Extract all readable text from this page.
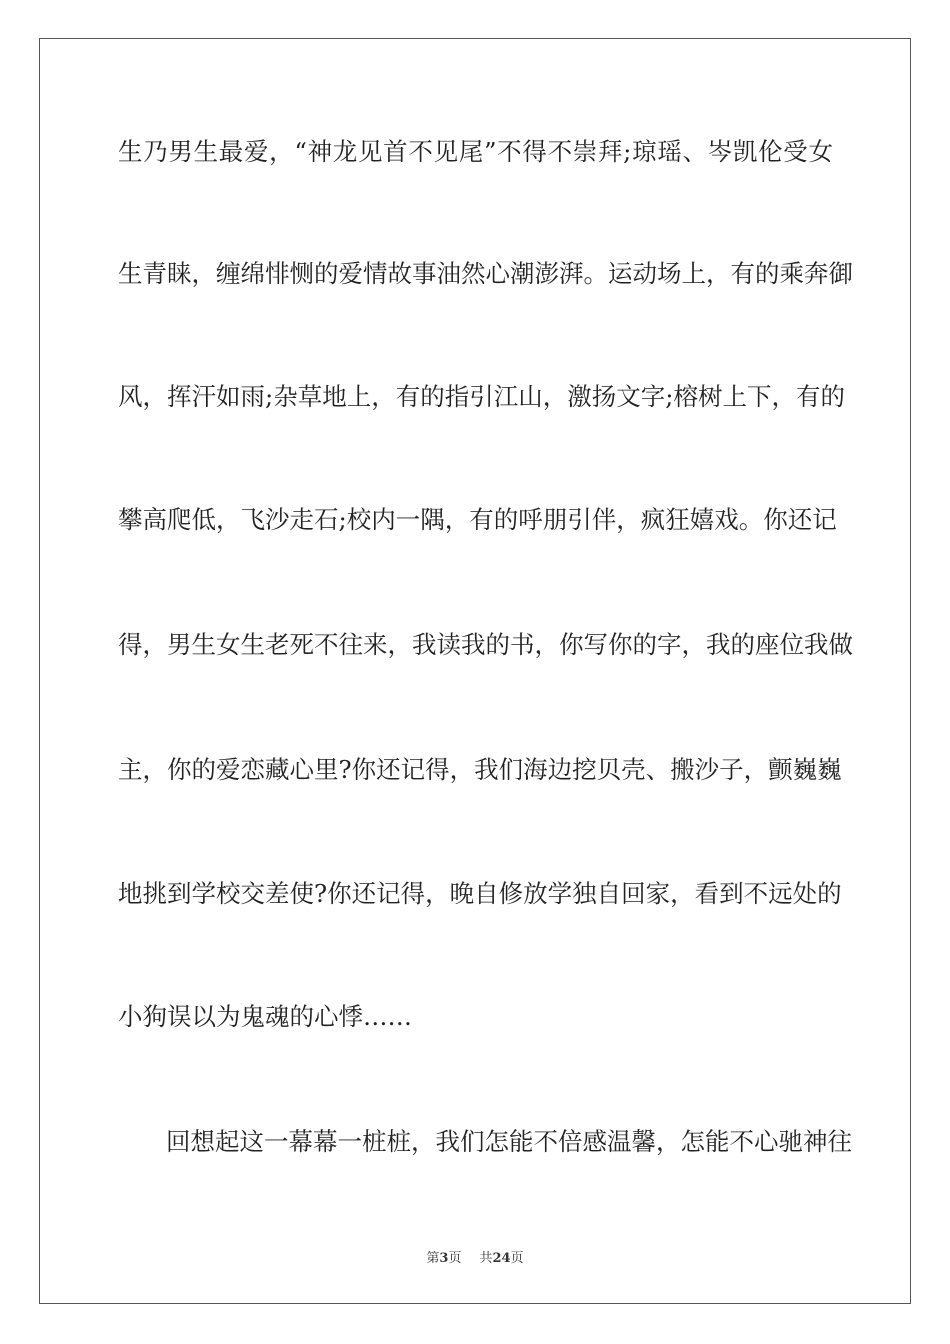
生乃男生最爱，“神龙见首不见尾”不得不崇拜;琼瑶、岑凯伦受女
生青睐，缠绵悱恻的爱情故事油然心潮澎湃。运动场上，有的乘奔御
风，挥汗如雨;杂草地上，有的指引江山，激扬文字;榕树上下，有的
攀高爬低，飞沙走石;校内一隅，有的呼朋引伴，疯狂嬉戏。你还记
得，男生女生老死不往来，我读我的书，你写你的字，我的座位我做
主，你的爱恋藏心里?你还记得，我们海边挖贝壳、搬沙子，颤巍巍
地挑到学校交差使?你还记得，晚自修放学独自回家，看到不远处的
小狗误以为鬼魂的心悸……
回想起这一幕幕一桩桩，我们怎能不倍感温馨，怎能不心驰神往
第3页 共24页
